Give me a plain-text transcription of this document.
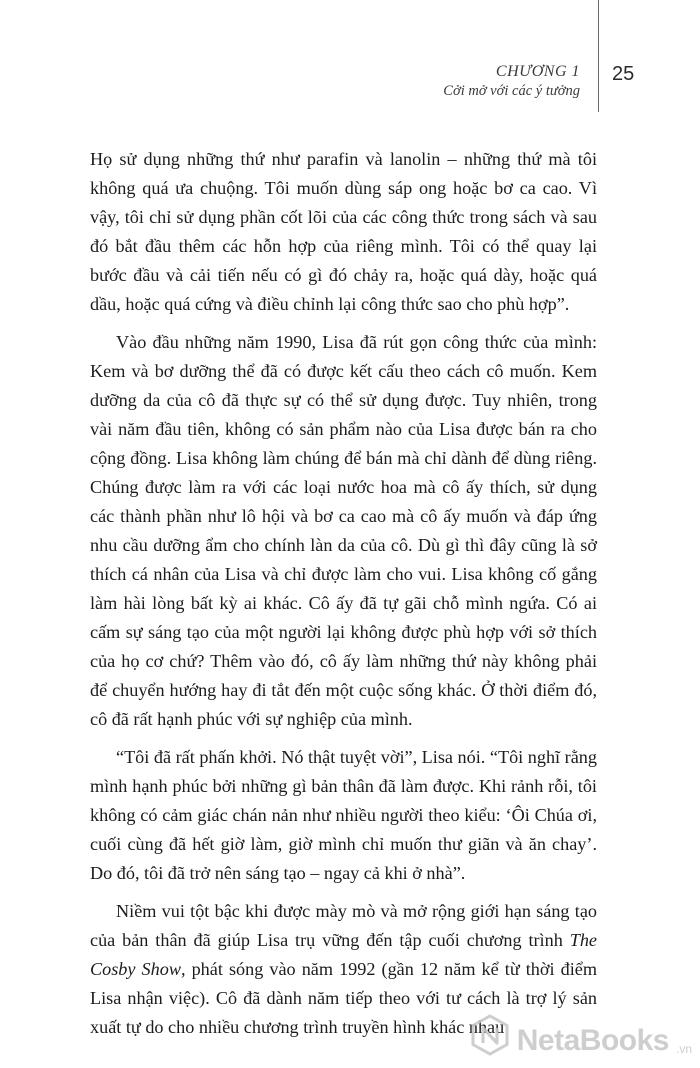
CHƯƠNG 1
Cởi mở với các ý tưởng
25

Họ sử dụng những thứ như parafin và lanolin – những thứ mà tôi không quá ưa chuộng. Tôi muốn dùng sáp ong hoặc bơ ca cao. Vì vậy, tôi chỉ sử dụng phần cốt lõi của các công thức trong sách và sau đó bắt đầu thêm các hỗn hợp của riêng mình. Tôi có thể quay lại bước đầu và cải tiến nếu có gì đó chảy ra, hoặc quá dày, hoặc quá dầu, hoặc quá cứng và điều chỉnh lại công thức sao cho phù hợp”.

Vào đầu những năm 1990, Lisa đã rút gọn công thức của mình: Kem và bơ dưỡng thể đã có được kết cấu theo cách cô muốn. Kem dưỡng da của cô đã thực sự có thể sử dụng được. Tuy nhiên, trong vài năm đầu tiên, không có sản phẩm nào của Lisa được bán ra cho cộng đồng. Lisa không làm chúng để bán mà chỉ dành để dùng riêng. Chúng được làm ra với các loại nước hoa mà cô ấy thích, sử dụng các thành phần như lô hội và bơ ca cao mà cô ấy muốn và đáp ứng nhu cầu dưỡng ẩm cho chính làn da của cô. Dù gì thì đây cũng là sở thích cá nhân của Lisa và chỉ được làm cho vui. Lisa không cố gắng làm hài lòng bất kỳ ai khác. Cô ấy đã tự gãi chỗ mình ngứa. Có ai cấm sự sáng tạo của một người lại không được phù hợp với sở thích của họ cơ chứ? Thêm vào đó, cô ấy làm những thứ này không phải để chuyển hướng hay đi tắt đến một cuộc sống khác. Ở thời điểm đó, cô đã rất hạnh phúc với sự nghiệp của mình.

“Tôi đã rất phấn khởi. Nó thật tuyệt vời”, Lisa nói. “Tôi nghĩ rằng mình hạnh phúc bởi những gì bản thân đã làm được. Khi rảnh rỗi, tôi không có cảm giác chán nản như nhiều người theo kiểu: ‘Ôi Chúa ơi, cuối cùng đã hết giờ làm, giờ mình chỉ muốn thư giãn và ăn chay’. Do đó, tôi đã trở nên sáng tạo – ngay cả khi ở nhà”.

Niềm vui tột bậc khi được mày mò và mở rộng giới hạn sáng tạo của bản thân đã giúp Lisa trụ vững đến tập cuối chương trình The Cosby Show, phát sóng vào năm 1992 (gần 12 năm kể từ thời điểm Lisa nhận việc). Cô đã dành năm tiếp theo với tư cách là trợ lý sản xuất tự do cho nhiều chương trình truyền hình khác nhau NetaBooks .vn
